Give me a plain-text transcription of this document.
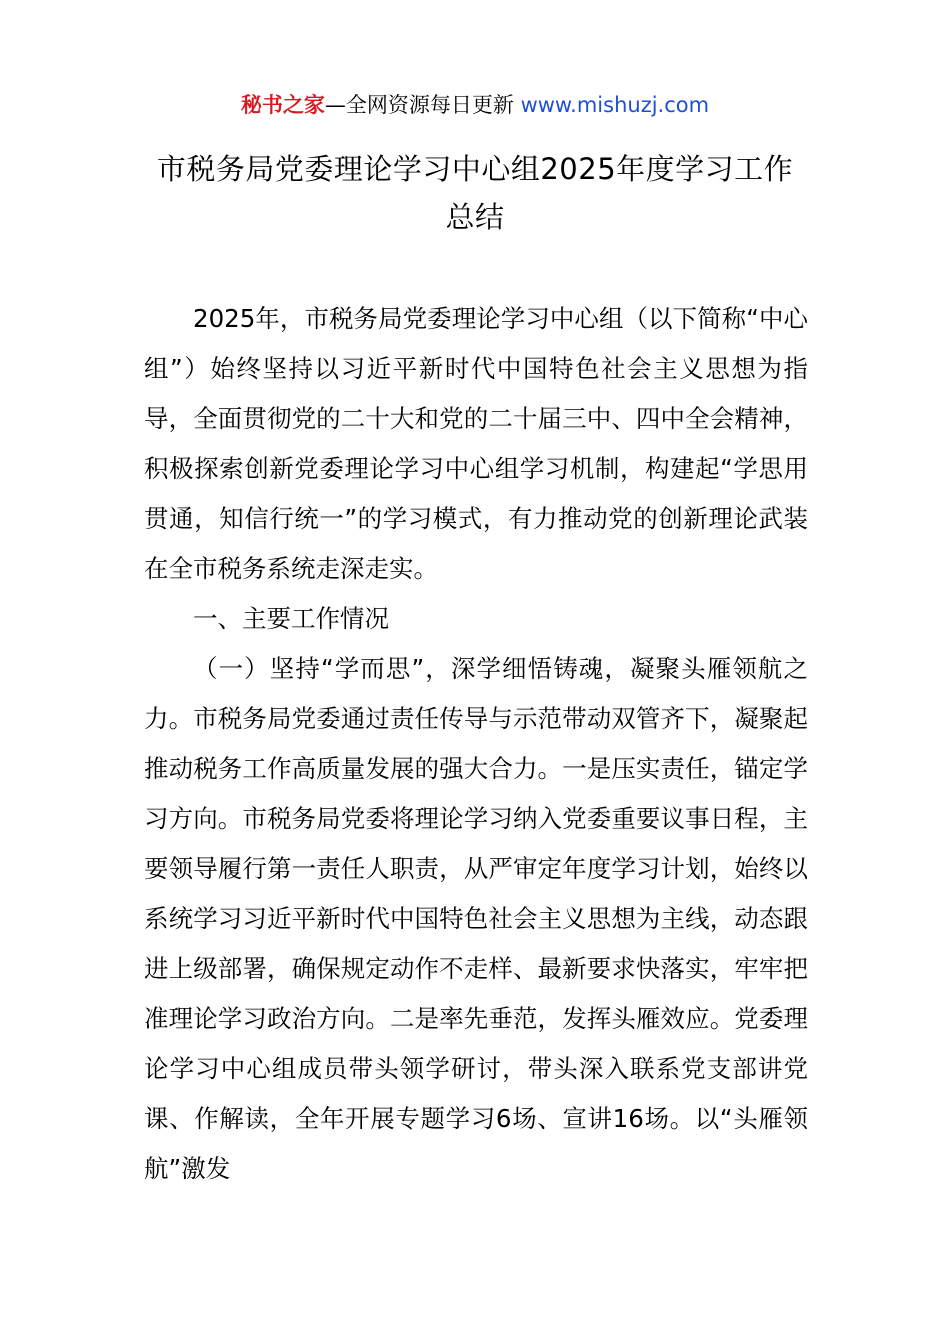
秘书之家—全网资源每日更新 www.mishuzj.com
市税务局党委理论学习中心组2025年度学习工作总结

2025年，市税务局党委理论学习中心组（以下简称“中心组”）始终坚持以习近平新时代中国特色社会主义思想为指导，全面贯彻党的二十大和党的二十届三中、四中全会精神，积极探索创新党委理论学习中心组学习机制，构建起“学思用贯通，知信行统一”的学习模式，有力推动党的创新理论武装在全市税务系统走深走实。

一、主要工作情况

（一）坚持“学而思”，深学细悟铸魂，凝聚头雁领航之力。市税务局党委通过责任传导与示范带动双管齐下，凝聚起推动税务工作高质量发展的强大合力。一是压实责任，锚定学习方向。市税务局党委将理论学习纳入党委重要议事日程，主要领导履行第一责任人职责，从严审定年度学习计划，始终以系统学习习近平新时代中国特色社会主义思想为主线，动态跟进上级部署，确保规定动作不走样、最新要求快落实，牢牢把准理论学习政治方向。二是率先垂范，发挥头雁效应。党委理论学习中心组成员带头领学研讨，带头深入联系党支部讲党课、作解读，全年开展专题学习6场、宣讲16场。以“头雁领航”激发
